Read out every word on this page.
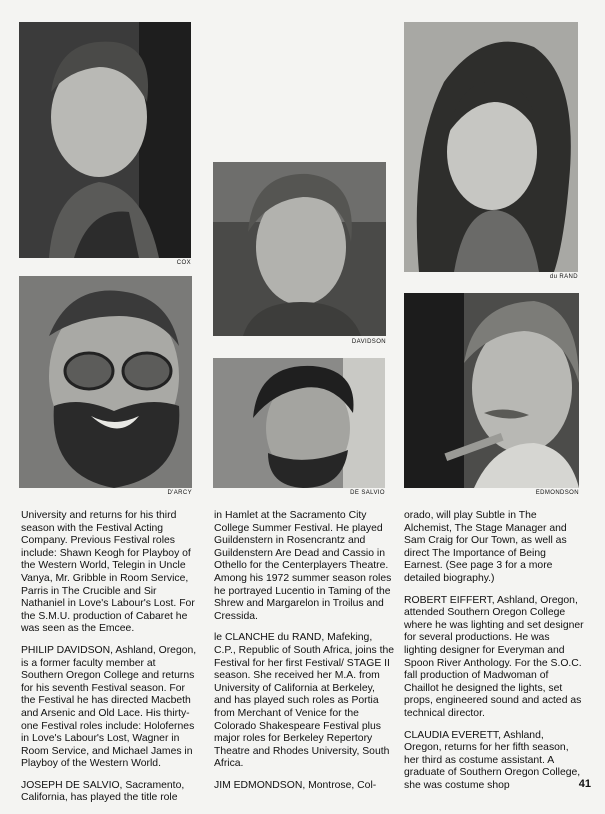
COX
D'ARCY
DAVIDSON
DE SALVIO
du RAND
EDMONDSON

University and returns for his third season with the Festival Acting Company. Previous Festival roles include: Shawn Keogh for Playboy of the Western World, Telegin in Uncle Vanya, Mr. Gribble in Room Service, Parris in The Crucible and Sir Nathaniel in Love's Labour's Lost. For the S.M.U. production of Cabaret he was seen as the Emcee.

PHILIP DAVIDSON, Ashland, Oregon, is a former faculty member at Southern Oregon College and returns for his seventh Festival season. For the Festival he has directed Macbeth and Arsenic and Old Lace. His thirty-one Festival roles include: Holofernes in Love's Labour's Lost, Wagner in Room Service, and Michael James in Playboy of the Western World.

JOSEPH DE SALVIO, Sacramento, California, has played the title role

in Hamlet at the Sacramento City College Summer Festival. He played Guildenstern in Rosencrantz and Guildenstern Are Dead and Cassio in Othello for the Centerplayers Theatre. Among his 1972 summer season roles he portrayed Lucentio in Taming of the Shrew and Margarelon in Troilus and Cressida.

le CLANCHE du RAND, Mafeking, C.P., Republic of South Africa, joins the Festival for her first Festival/ STAGE II season. She received her M.A. from University of California at Berkeley, and has played such roles as Portia from Merchant of Venice for the Colorado Shakespeare Festival plus major roles for Berkeley Repertory Theatre and Rhodes University, South Africa.

JIM EDMONDSON, Montrose, Col-

orado, will play Subtle in The Alchemist, The Stage Manager and Sam Craig for Our Town, as well as direct The Importance of Being Earnest. (See page 3 for a more detailed biography.)

ROBERT EIFFERT, Ashland, Oregon, attended Southern Oregon College where he was lighting and set designer for several productions. He was lighting designer for Everyman and Spoon River Anthology. For the S.O.C. fall production of Madwoman of Chaillot he designed the lights, set props, engineered sound and acted as technical director.

CLAUDIA EVERETT, Ashland, Oregon, returns for her fifth season, her third as costume assistant. A graduate of Southern Oregon College, she was costume shop	41
